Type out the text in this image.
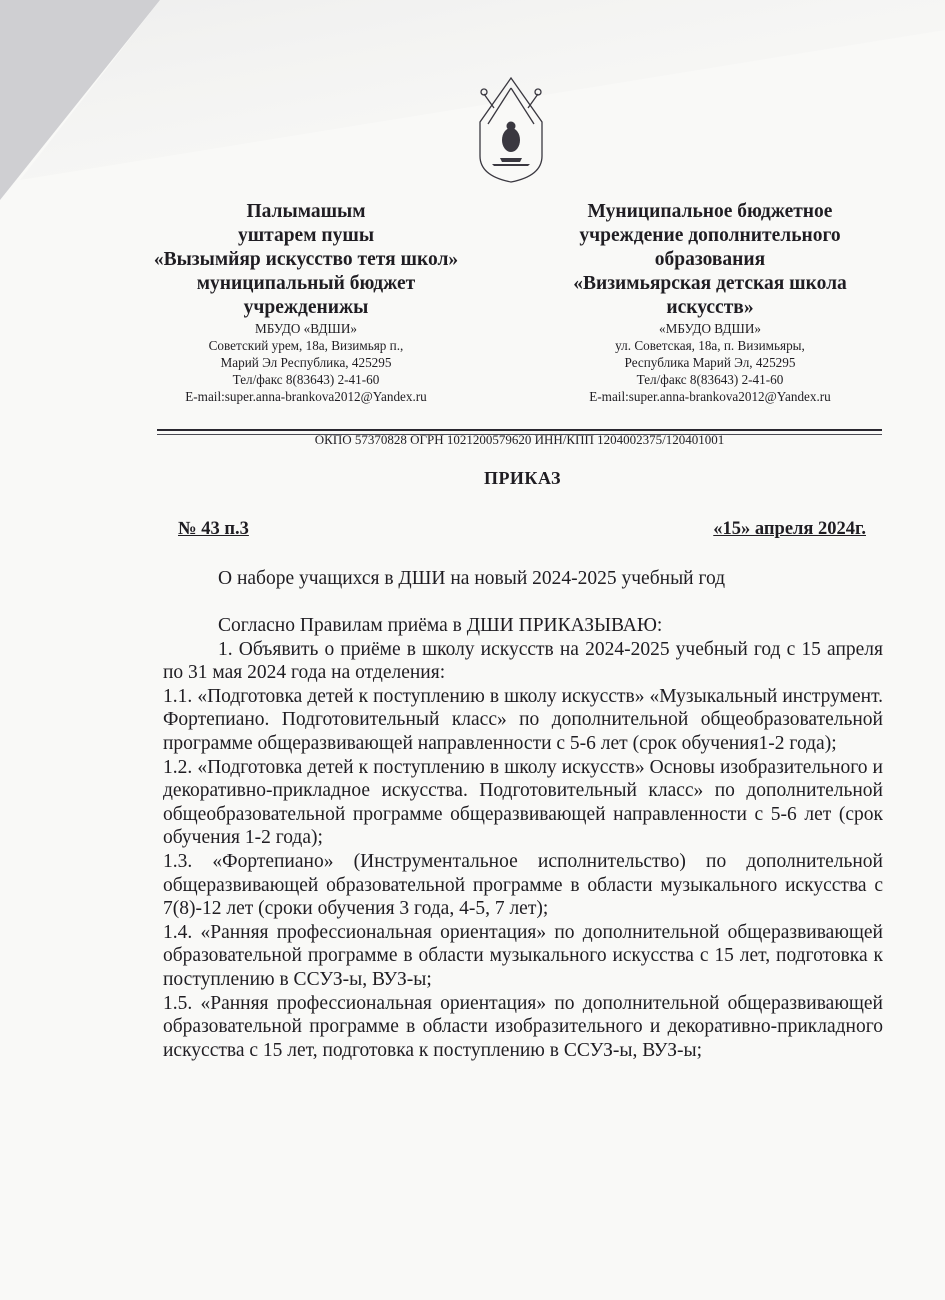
Палымашым
уштарем пушы
«Вызымйяр искусство тетя школ»
муниципальный бюджет
учрежденижы
МБУДО «ВДШИ»
Советский урем, 18а, Визимьяр п.,
Марий Эл Республика, 425295
Тел/факс 8(83643) 2-41-60
E-mail:super.anna-brankova2012@Yandex.ru
Муниципальное бюджетное
учреждение дополнительного
образования
«Визимьярская детская школа
искусств»
«МБУДО ВДШИ»
ул. Советская, 18а, п. Визимьяры,
Республика Марий Эл, 425295
Тел/факс 8(83643) 2-41-60
E-mail:super.anna-brankova2012@Yandex.ru
ОКПО 57370828 ОГРН 1021200579620 ИНН/КПП 1204002375/120401001
ПРИКАЗ
№ 43 п.3	«15» апреля 2024г.
О наборе учащихся в ДШИ на новый 2024-2025 учебный год

Согласно Правилам приёма в ДШИ ПРИКАЗЫВАЮ:

1. Объявить о приёме в школу искусств на 2024-2025 учебный год с 15 апреля по 31 мая 2024 года на отделения:

1.1. «Подготовка детей к поступлению в школу искусств» «Музыкальный инструмент. Фортепиано. Подготовительный класс» по дополнительной общеобразовательной программе общеразвивающей направленности с 5-6 лет (срок обучения1-2 года);

1.2. «Подготовка детей к поступлению в школу искусств» Основы изобразительного и декоративно-прикладное искусства. Подготовительный класс» по дополнительной общеобразовательной программе общеразвивающей направленности с 5-6 лет (срок обучения 1-2 года);

1.3. «Фортепиано» (Инструментальное исполнительство) по дополнительной общеразвивающей образовательной программе в области музыкального искусства с 7(8)-12 лет (сроки обучения 3 года, 4-5, 7 лет);

1.4. «Ранняя профессиональная ориентация» по дополнительной общеразвивающей образовательной программе в области музыкального искусства с 15 лет, подготовка к поступлению в ССУЗ-ы, ВУЗ-ы;

1.5. «Ранняя профессиональная ориентация» по дополнительной общеразвивающей образовательной программе в области изобразительного и декоративно-прикладного искусства с 15 лет, подготовка к поступлению в ССУЗ-ы, ВУЗ-ы;
